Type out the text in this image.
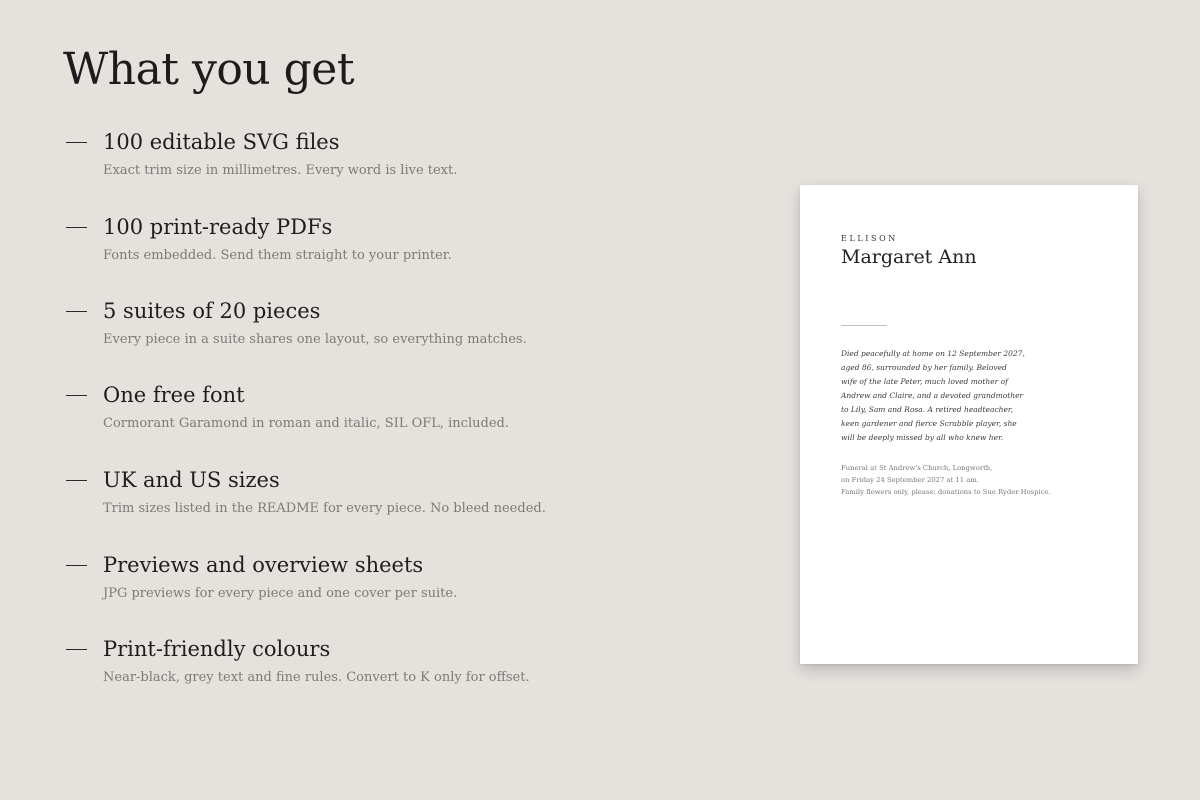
What you get
100 editable SVG files
Exact trim size in millimetres. Every word is live text.
100 print-ready PDFs
Fonts embedded. Send them straight to your printer.
5 suites of 20 pieces
Every piece in a suite shares one layout, so everything matches.
One free font
Cormorant Garamond in roman and italic, SIL OFL, included.
UK and US sizes
Trim sizes listed in the README for every piece. No bleed needed.
Previews and overview sheets
JPG previews for every piece and one cover per suite.
Print-friendly colours
Near-black, grey text and fine rules. Convert to K only for offset.
ELLISON
Margaret Ann
Died peacefully at home on 12 September 2027,
aged 86, surrounded by her family. Beloved
wife of the late Peter, much loved mother of
Andrew and Claire, and a devoted grandmother
to Lily, Sam and Rosa. A retired headteacher,
keen gardener and fierce Scrabble player, she
will be deeply missed by all who knew her.
Funeral at St Andrew's Church, Longworth,
on Friday 24 September 2027 at 11 am.
Family flowers only, please; donations to Sue Ryder Hospice.
